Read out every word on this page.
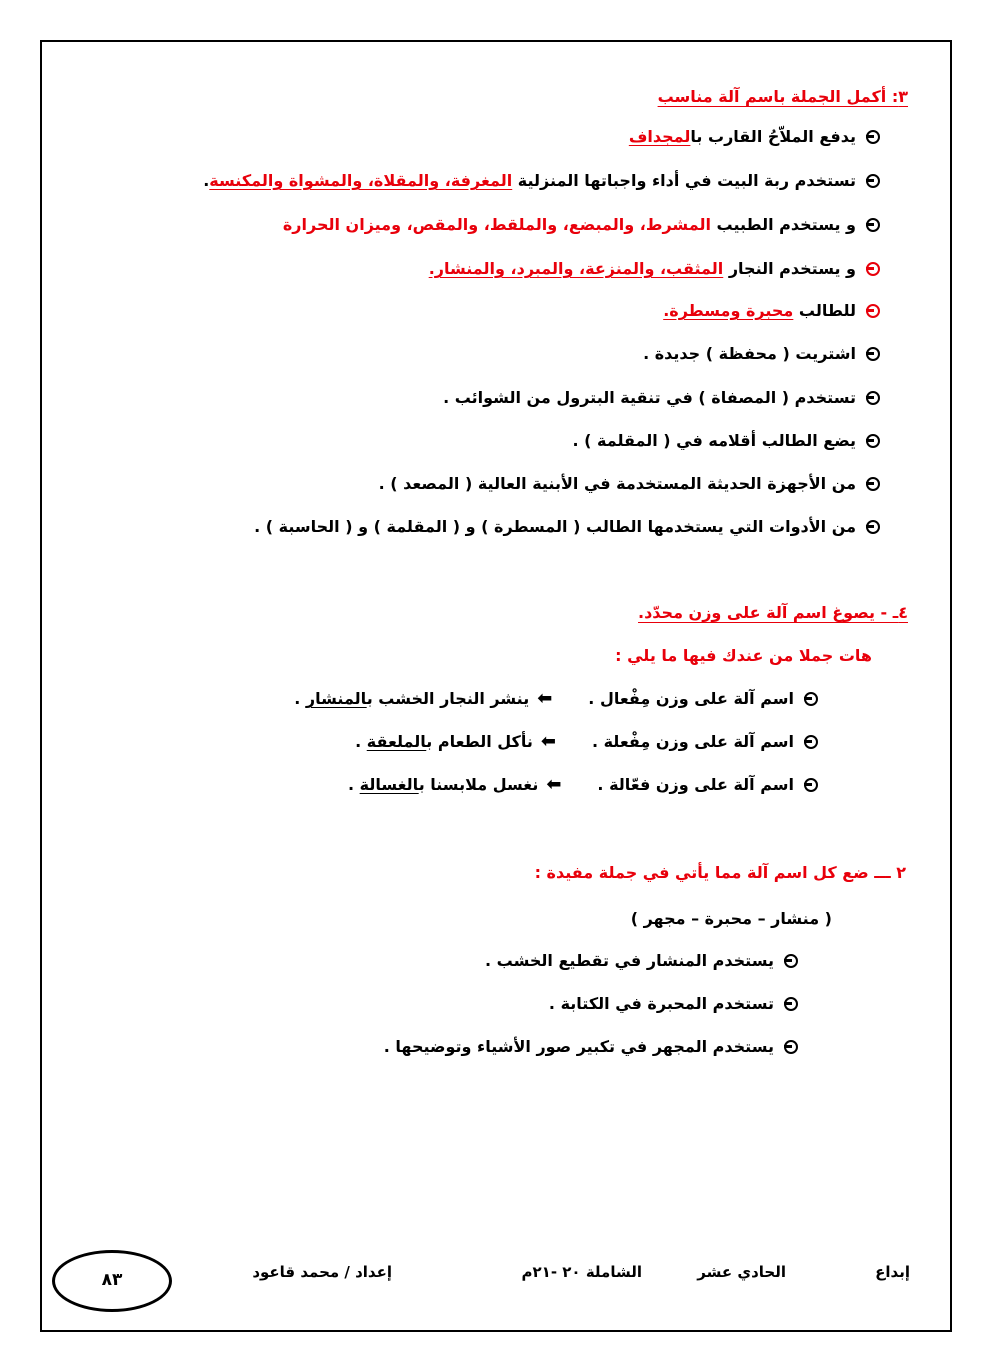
٣: أكمل الجملة باسم آلة مناسب
يدفع الملاّحُ القارب بالمجداف
تستخدم ربة البيت في أداء واجباتها المنزلية المغرفة، والمقلاة، والمشواة والمكنسة.
و يستخدم الطبيب المشرط، والمبضع، والملقط، والمقص، وميزان الحرارة
و يستخدم النجار المثقب، والمنزعة، والمبرد، والمنشار.
للطالب محبرة ومسطرة.
اشتريت ( محفظة ) جديدة .
تستخدم ( المصفاة ) في تنقية البترول من الشوائب .
يضع الطالب أقلامه في ( المقلمة ) .
من الأجهزة الحديثة المستخدمة في الأبنية العالية ( المصعد ) .
من الأدوات التي يستخدمها الطالب ( المسطرة ) و ( المقلمة ) و ( الحاسبة ) .
٤ـ - يصوغ اسم آلة على وزن محدّد.
هات جملا من عندك فيها ما يلي :
اسم آلة على وزن مِفْعال .⬅ينشر النجار الخشب بالمنشار .
اسم آلة على وزن مِفْعلة .⬅نأكل الطعام بالملعقة .
اسم آلة على وزن فعّالة .⬅نغسل ملابسنا بالغسالة .
٢ ـــ ضع كل اسم آلة مما يأتي في جملة مفيدة :
( منشار – محبرة – مجهر )
يستخدم المنشار في تقطيع الخشب .
تستخدم المحبرة في الكتابة .
يستخدم المجهر في تكبير صور الأشياء وتوضيحها .
إبداع
الحادي عشر
الشاملة ٢٠ -٢١م
إعداد / محمد قاعود
٨٣
